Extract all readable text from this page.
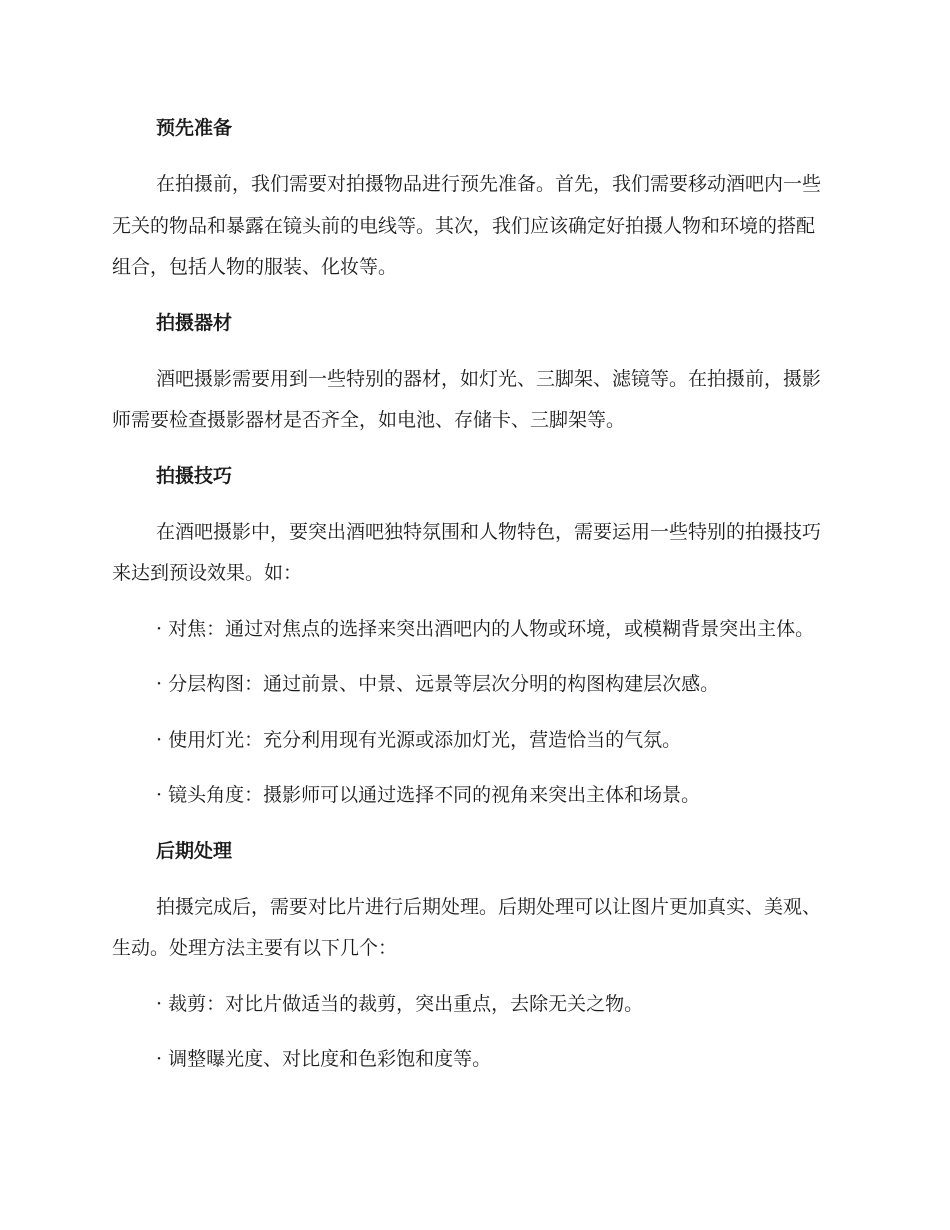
预先准备

在拍摄前，我们需要对拍摄物品进行预先准备。首先，我们需要移动酒吧内一些无关的物品和暴露在镜头前的电线等。其次，我们应该确定好拍摄人物和环境的搭配组合，包括人物的服装、化妆等。

拍摄器材

酒吧摄影需要用到一些特别的器材，如灯光、三脚架、滤镜等。在拍摄前，摄影师需要检查摄影器材是否齐全，如电池、存储卡、三脚架等。

拍摄技巧

在酒吧摄影中，要突出酒吧独特氛围和人物特色，需要运用一些特别的拍摄技巧来达到预设效果。如：

· 对焦：通过对焦点的选择来突出酒吧内的人物或环境，或模糊背景突出主体。

· 分层构图：通过前景、中景、远景等层次分明的构图构建层次感。

· 使用灯光：充分利用现有光源或添加灯光，营造恰当的气氛。

· 镜头角度：摄影师可以通过选择不同的视角来突出主体和场景。

后期处理

拍摄完成后，需要对比片进行后期处理。后期处理可以让图片更加真实、美观、生动。处理方法主要有以下几个：

· 裁剪：对比片做适当的裁剪，突出重点，去除无关之物。

· 调整曝光度、对比度和色彩饱和度等。
